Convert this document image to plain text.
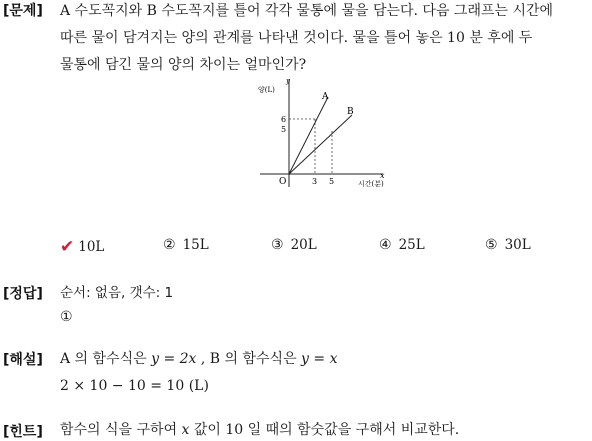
[문제] A 수도꼭지와 B 수도꼭지를 틀어 각각 물통에 물을 담는다. 다음 그래프는 시간에
따른 물이 담겨지는 양의 관계를 나타낸 것이다. 물을 틀어 놓은 10 분 후에 두
물통에 담긴 물의 양의 차이는 얼마인가?
y
양(L)
x
시간(분)
O
A
B
6
5
3 5
✔ 10L	② 15L	③ 20L	④ 25L	⑤ 30L
[정답] 순서: 없음, 갯수: 1
①
[해설] A 의 함수식은 y = 2x , B 의 함수식은 y = x
2 × 10 − 10 = 10 (L)
[힌트] 함수의 식을 구하여 x 값이 10 일 때의 함숫값을 구해서 비교한다.
